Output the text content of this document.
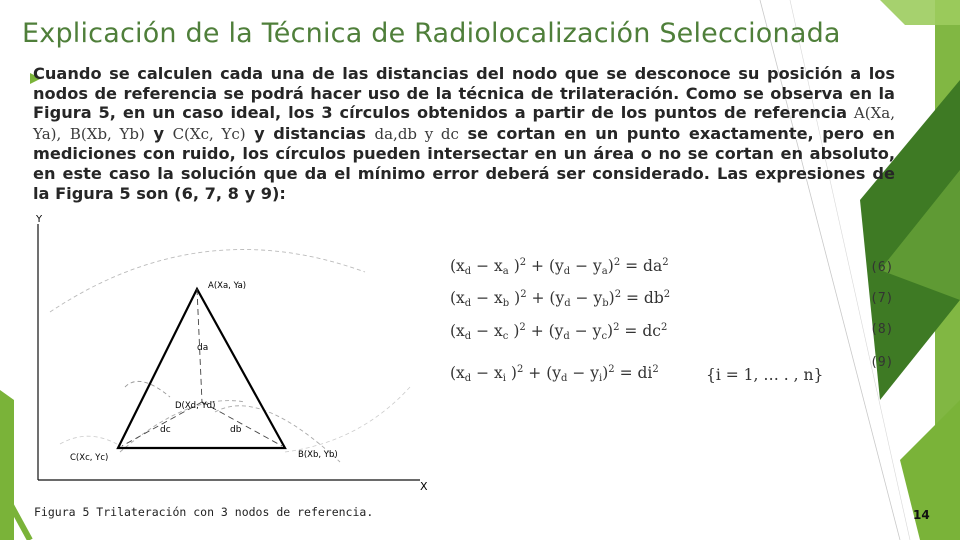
Explicación de la Técnica de Radiolocalización Seleccionada
Cuando se calculen cada una de las distancias del nodo que se desconoce su posición a los nodos de referencia se podrá hacer uso de la técnica de trilateración. Como se observa en la Figura 5, en un caso ideal, los 3 círculos obtenidos a partir de los puntos de referencia A(Xa, Ya), B(Xb, Yb) y C(Xc, Yc) y distancias da,db y dc se cortan en un punto exactamente, pero en mediciones con ruido, los círculos pueden intersectar en un área o no se cortan en absoluto, en este caso la solución que da el mínimo error deberá ser considerado. Las expresiones de la Figura 5 son (6, 7, 8 y 9):
Y
X
A(Xa, Ya)
da
D(Xd, Yd)
dc	db
C(Xc, Yc)	B(Xb, Yb)
Figura 5 Trilateración con 3 nodos de referencia.
($x_d - x_a$ )$^2 + (y_d - y_a)^2 = da^2$	(6)
($x_d - x_b$ )$^2 + (y_d - y_b)^2 = db^2$	(7)
($x_d - x_c$ )$^2 + (y_d - y_c)^2 = dc^2$	(8)
($x_d - x_i$ )$^2 + (y_d - y_i)^2 = di^2$	{i = 1, … . , n}
(9)
14
